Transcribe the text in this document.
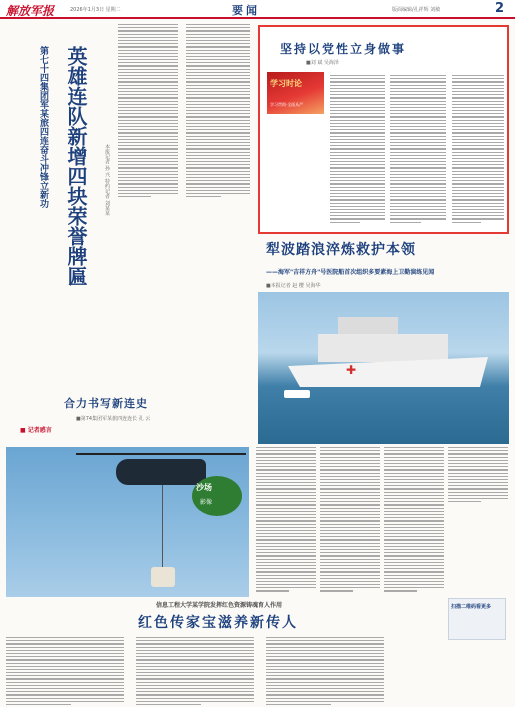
解放军报	2026年1月3日 星期二	要闻	版面编辑/孔祥辉 刘敏	2
第七十四集团军某旅四连奋斗冲锋立新功 英雄连队新增四块荣誉牌匾	本报记者 孙 兴 特约记者 刘某某
合力书写新连史
■第74集团军某旅四连连长 孔 云
■ 记者感言
坚持以党性立身做事
■刘 斌 吴海泽
学习时论
学习贯彻·全面从严
犁波踏浪淬炼救护本领
——海军"吉祥方舟"号医院船首次组织多要素海上卫勤演练见闻
■本报记者 赵 樱 吴海华
✚
沙场
影像
信息工程大学某学院发挥红色资源铸魂育人作用
红色传家宝滋养新传人

扫描二维码看更多
